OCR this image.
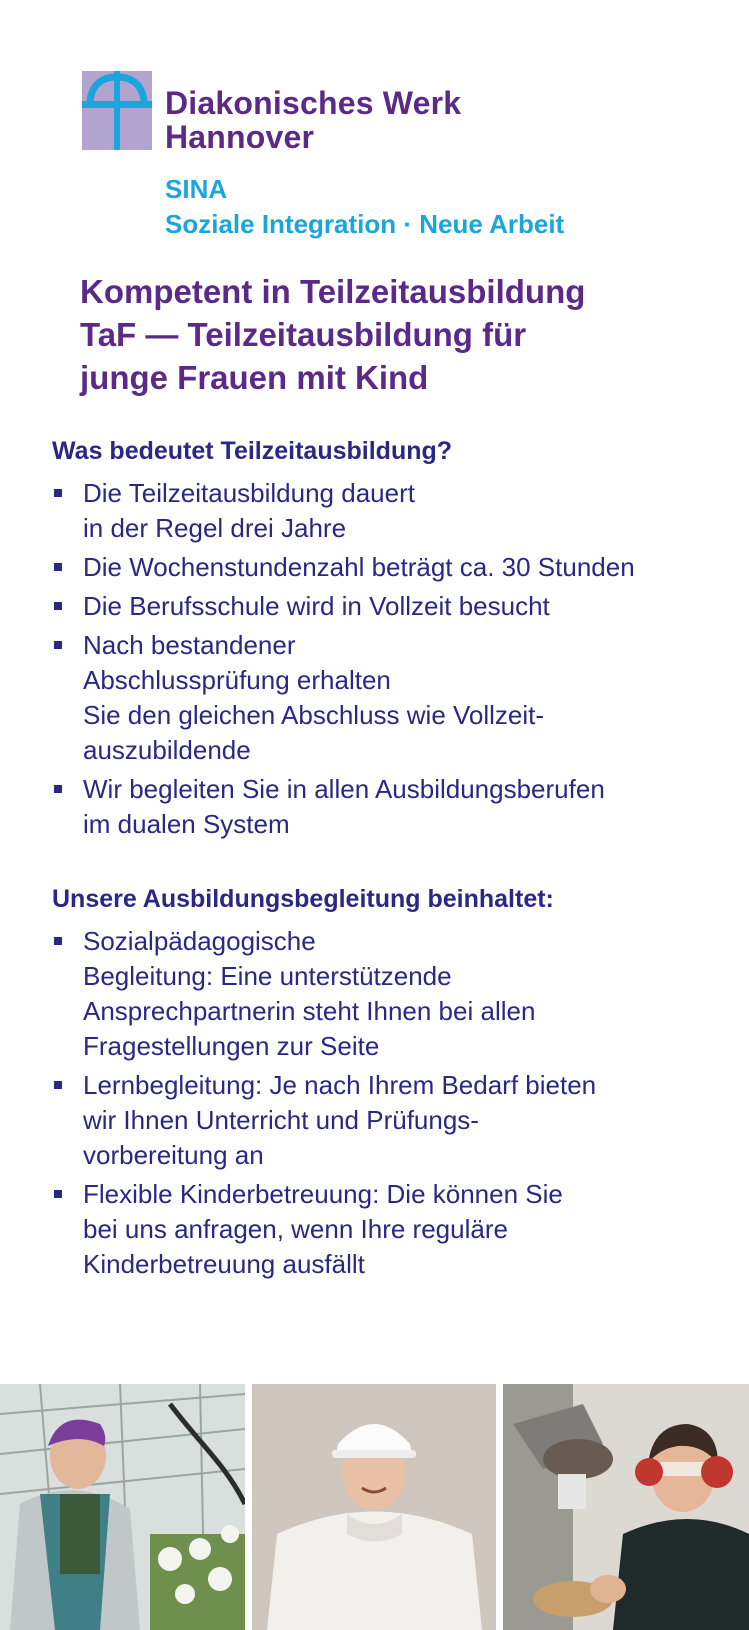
Diakonisches Werk
Hannover
SINA
Soziale Integration · Neue Arbeit
Kompetent in Teilzeitausbildung
TaF — Teilzeitausbildung für
junge Frauen mit Kind
Was bedeutet Teilzeitausbildung?
Die Teilzeitausbildung dauert
in der Regel drei Jahre
Die Wochenstundenzahl beträgt ca. 30 Stunden
Die Berufsschule wird in Vollzeit besucht
Nach bestandener
Abschlussprüfung erhalten
Sie den gleichen Abschluss wie Vollzeit-
auszubildende
Wir begleiten Sie in allen Ausbildungsberufen
im dualen System
Unsere Ausbildungsbegleitung beinhaltet:
Sozialpädagogische
Begleitung: Eine unterstützende
Ansprechpartnerin steht Ihnen bei allen
Fragestellungen zur Seite
Lernbegleitung: Je nach Ihrem Bedarf bieten
wir Ihnen Unterricht und Prüfungs-
vorbereitung an
Flexible Kinderbetreuung: Die können Sie
bei uns anfragen, wenn Ihre reguläre
Kinderbetreuung ausfällt
